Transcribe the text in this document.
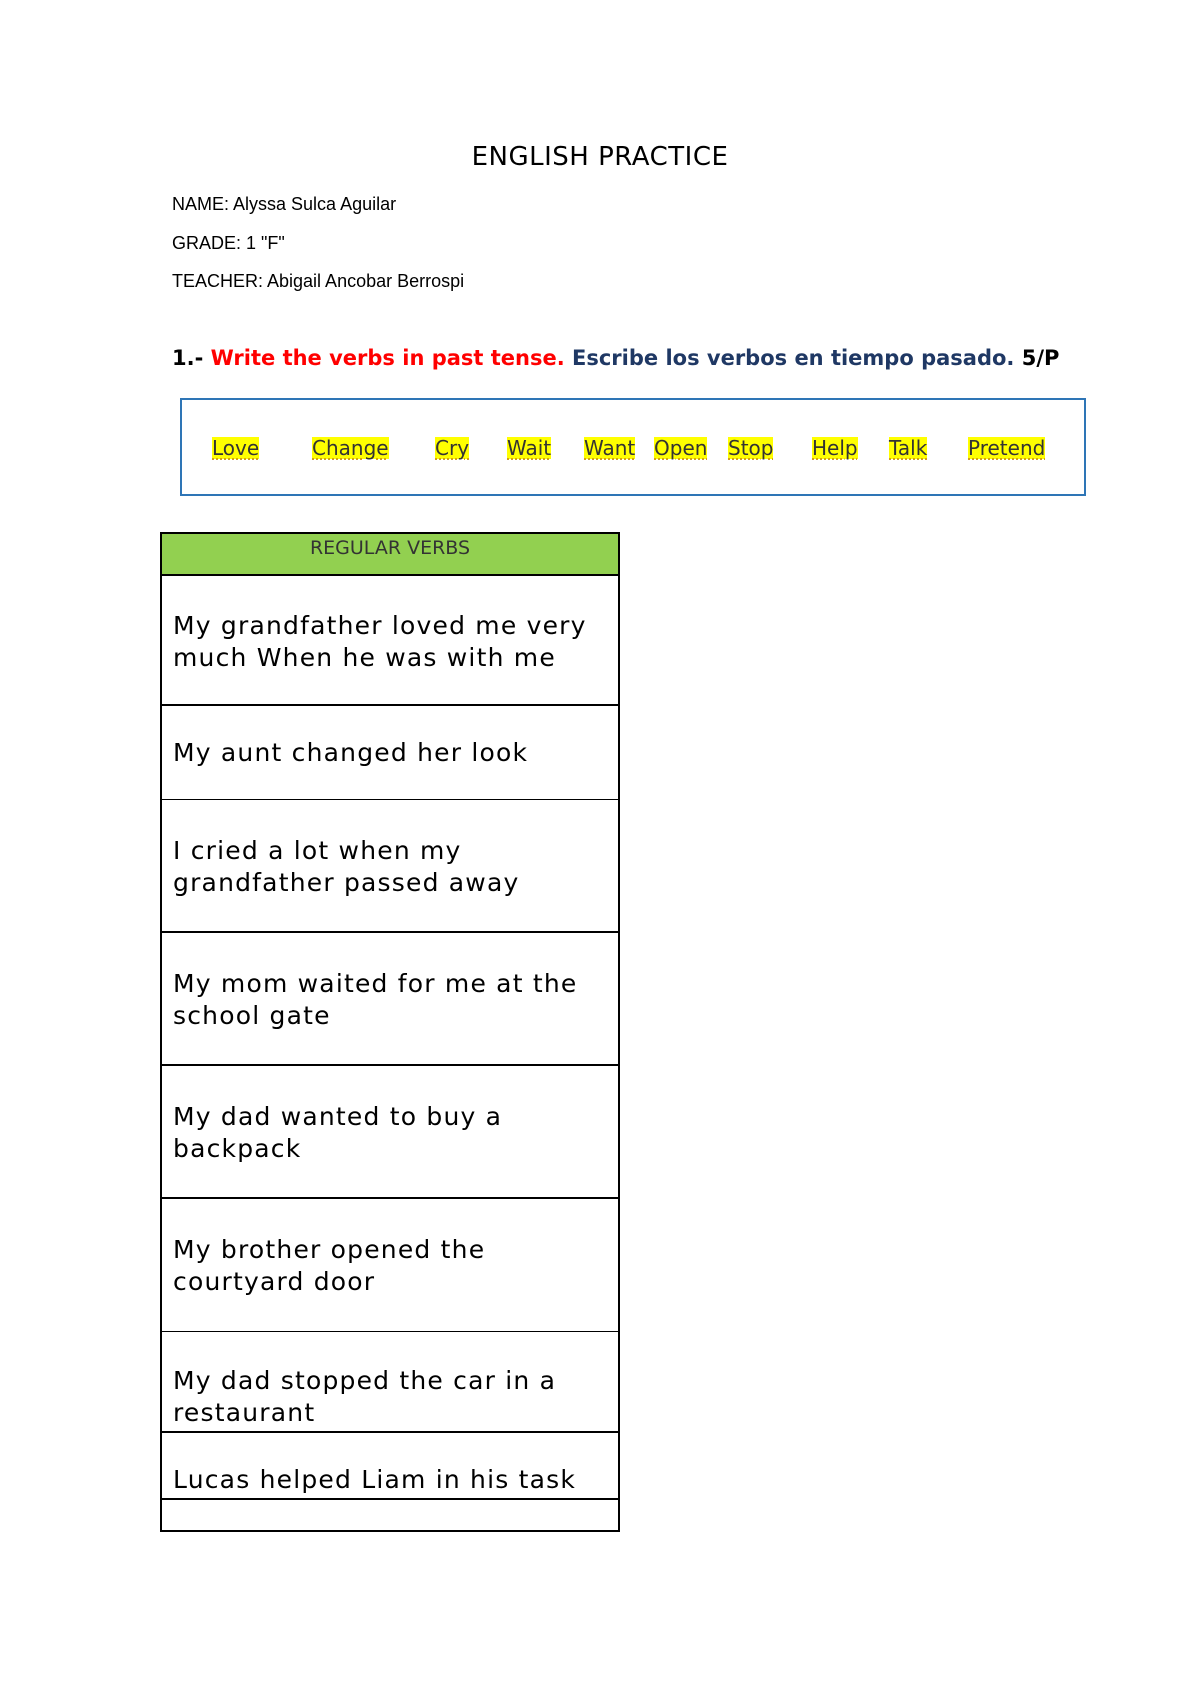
ENGLISH PRACTICE
NAME: Alyssa Sulca Aguilar
GRADE: 1 "F"
TEACHER: Abigail Ancobar Berrospi
1.- Write the verbs in past tense. Escribe los verbos en tiempo pasado. 5/P
Love	Change Cry Wait Want Open Stop Help Talk Pretend
REGULAR VERBS
My grandfather loved me very much When he was with me
My aunt changed her look
I cried a lot when my grandfather passed away
My mom waited for me at the school gate
My dad wanted to buy a backpack
My brother opened the courtyard door
My dad stopped the car in a restaurant
Lucas helped Liam in his task
